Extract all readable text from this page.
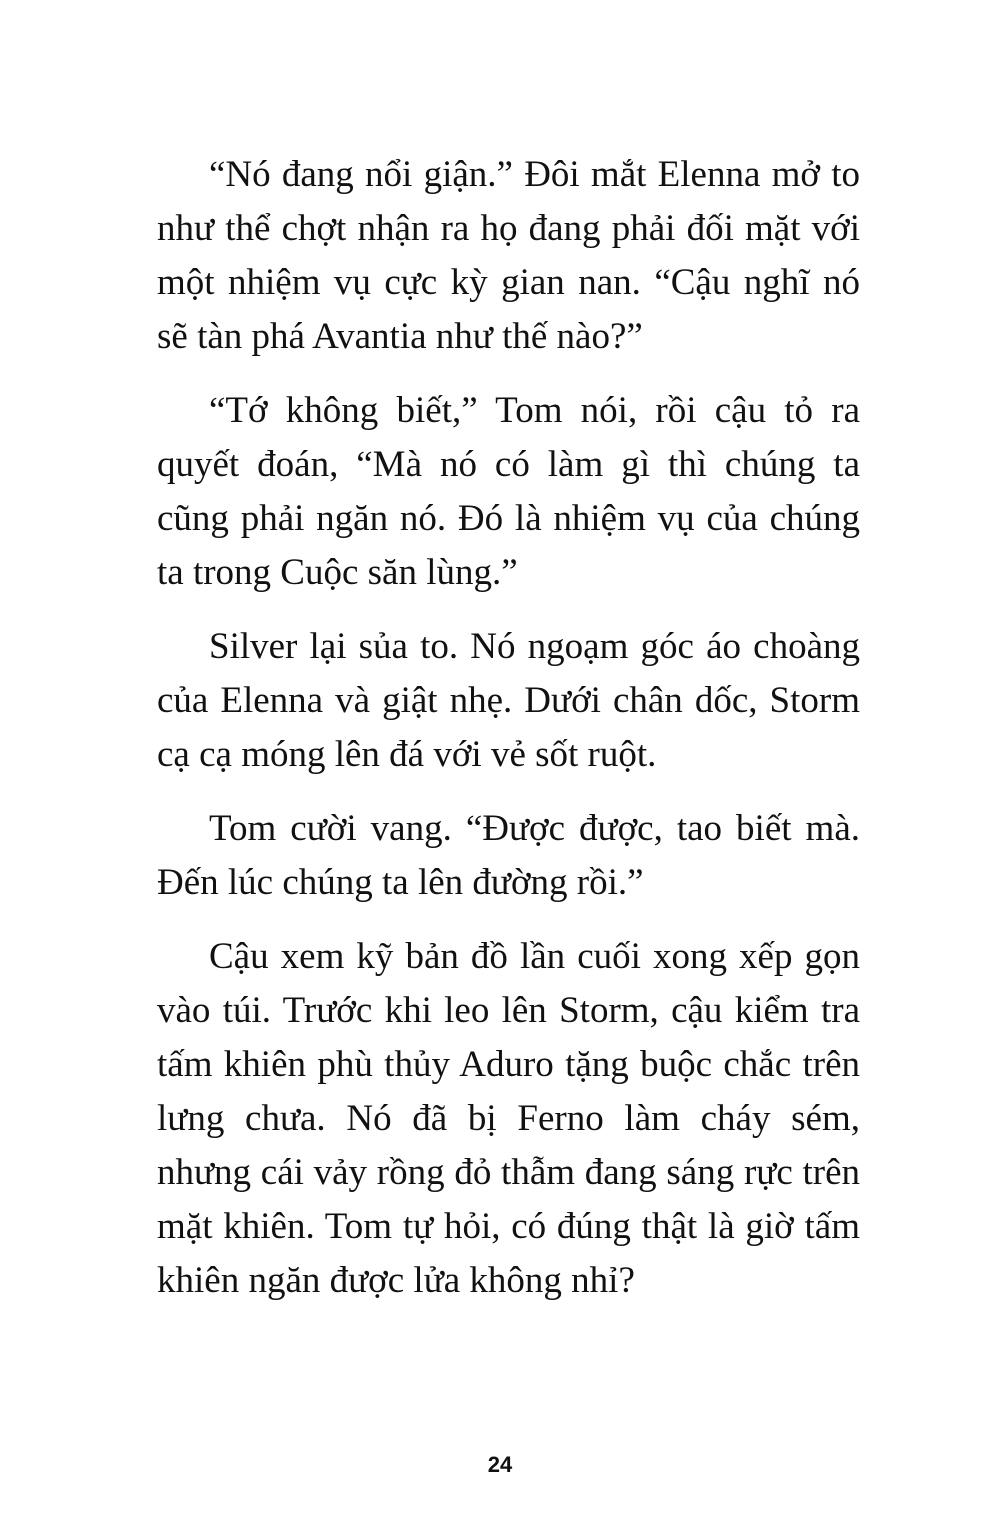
“Nó đang nổi giận.” Đôi mắt Elenna mở to như thể chợt nhận ra họ đang phải đối mặt với một nhiệm vụ cực kỳ gian nan. “Cậu nghĩ nó sẽ tàn phá Avantia như thế nào?”

“Tớ không biết,” Tom nói, rồi cậu tỏ ra quyết đoán, “Mà nó có làm gì thì chúng ta cũng phải ngăn nó. Đó là nhiệm vụ của chúng ta trong Cuộc săn lùng.”

Silver lại sủa to. Nó ngoạm góc áo choàng của Elenna và giật nhẹ. Dưới chân dốc, Storm cạ cạ móng lên đá với vẻ sốt ruột.

Tom cười vang. “Được được, tao biết mà. Đến lúc chúng ta lên đường rồi.”

Cậu xem kỹ bản đồ lần cuối xong xếp gọn vào túi. Trước khi leo lên Storm, cậu kiểm tra tấm khiên phù thủy Aduro tặng buộc chắc trên lưng chưa. Nó đã bị Ferno làm cháy sém, nhưng cái vảy rồng đỏ thẫm đang sáng rực trên mặt khiên. Tom tự hỏi, có đúng thật là giờ tấm khiên ngăn được lửa không nhỉ?

24
